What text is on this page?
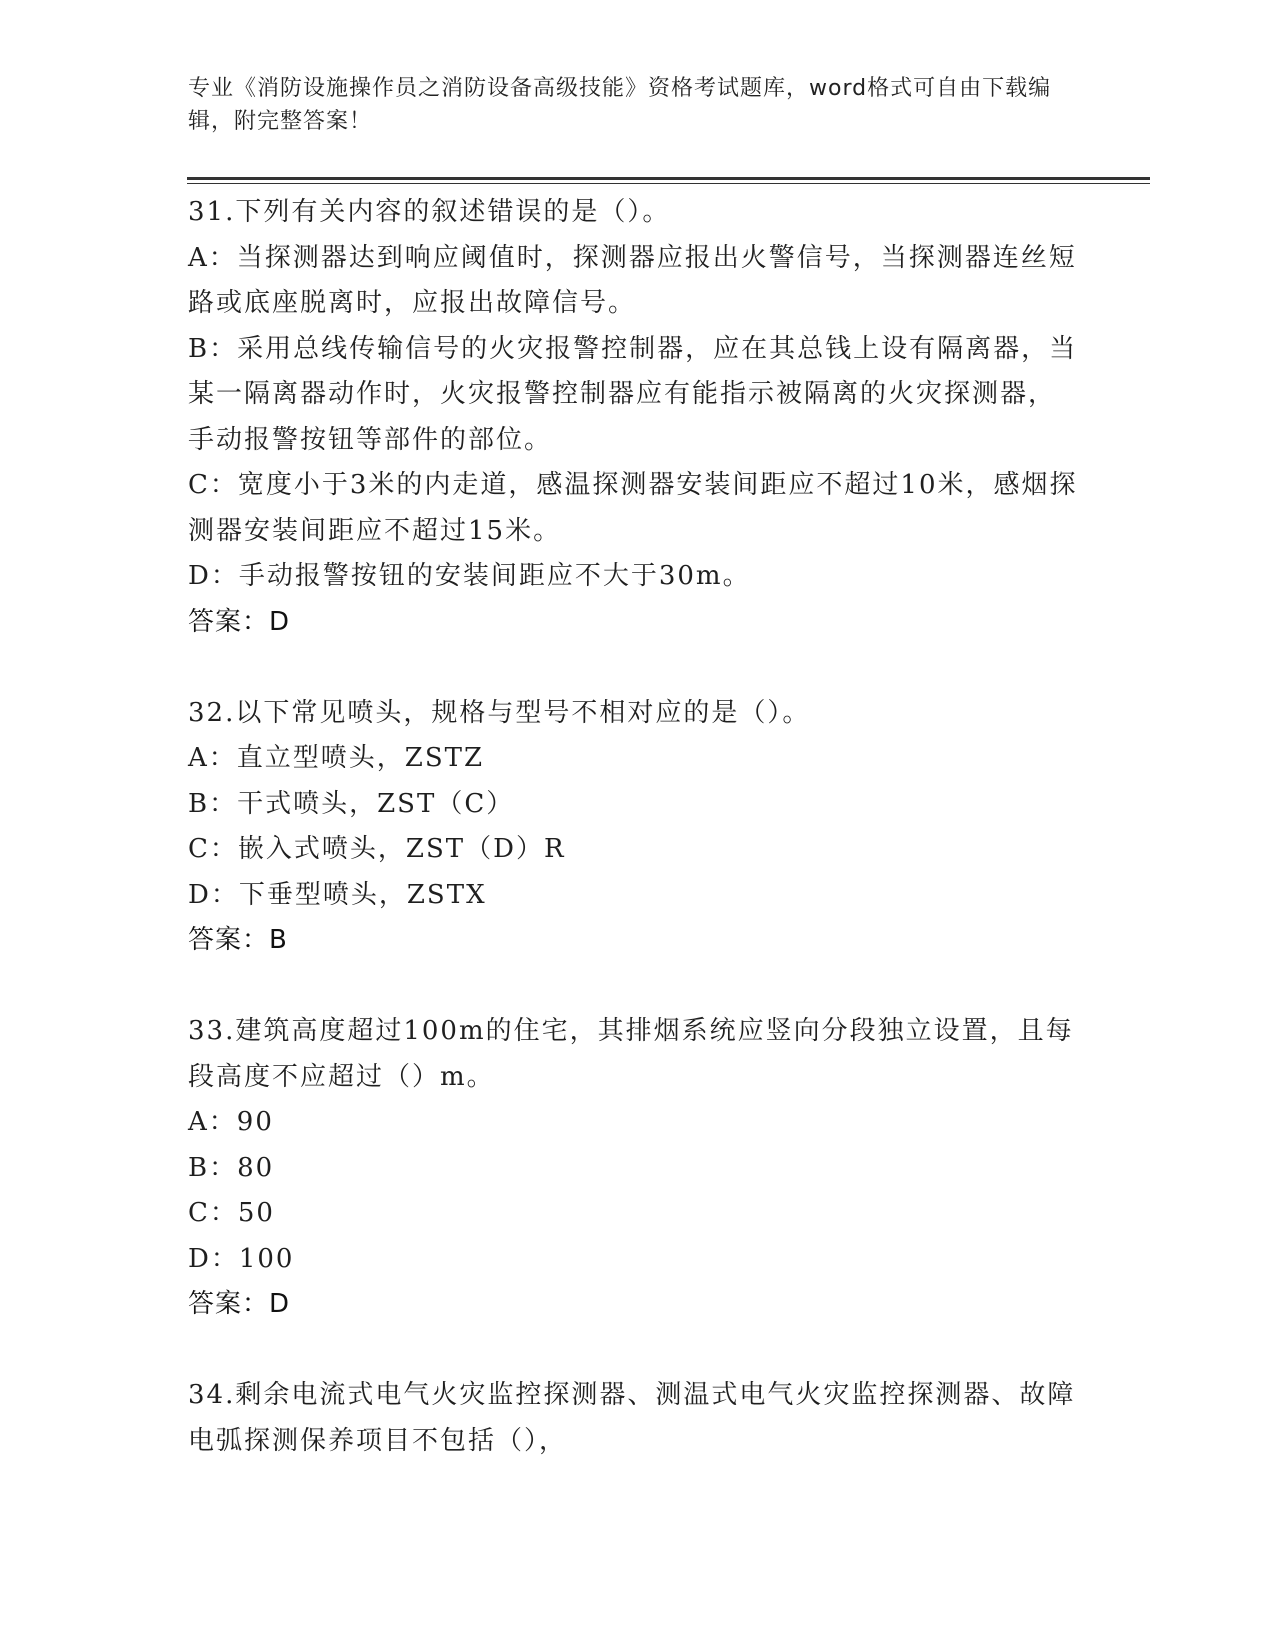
专业《消防设施操作员之消防设备高级技能》资格考试题库，word格式可自由下载编辑，附完整答案！

31.下列有关内容的叙述错误的是（）。

A：当探测器达到响应阈值时，探测器应报出火警信号，当探测器连丝短路或底座脱离时，应报出故障信号。

B：采用总线传输信号的火灾报警控制器，应在其总钱上设有隔离器，当某一隔离器动作时，火灾报警控制器应有能指示被隔离的火灾探测器，手动报警按钮等部件的部位。

C：宽度小于3米的内走道，感温探测器安装间距应不超过10米，感烟探测器安装间距应不超过15米。

D：手动报警按钮的安装间距应不大于30m。

答案：D

32.以下常见喷头，规格与型号不相对应的是（）。

A：直立型喷头，ZSTZ

B：干式喷头，ZST（C）

C：嵌入式喷头，ZST（D）R

D：下垂型喷头，ZSTX

答案：B

33.建筑高度超过100m的住宅，其排烟系统应竖向分段独立设置，且每段高度不应超过（）m。

A：90

B：80

C：50

D：100

答案：D

34.剩余电流式电气火灾监控探测器、测温式电气火灾监控探测器、故障电弧探测保养项目不包括（），
